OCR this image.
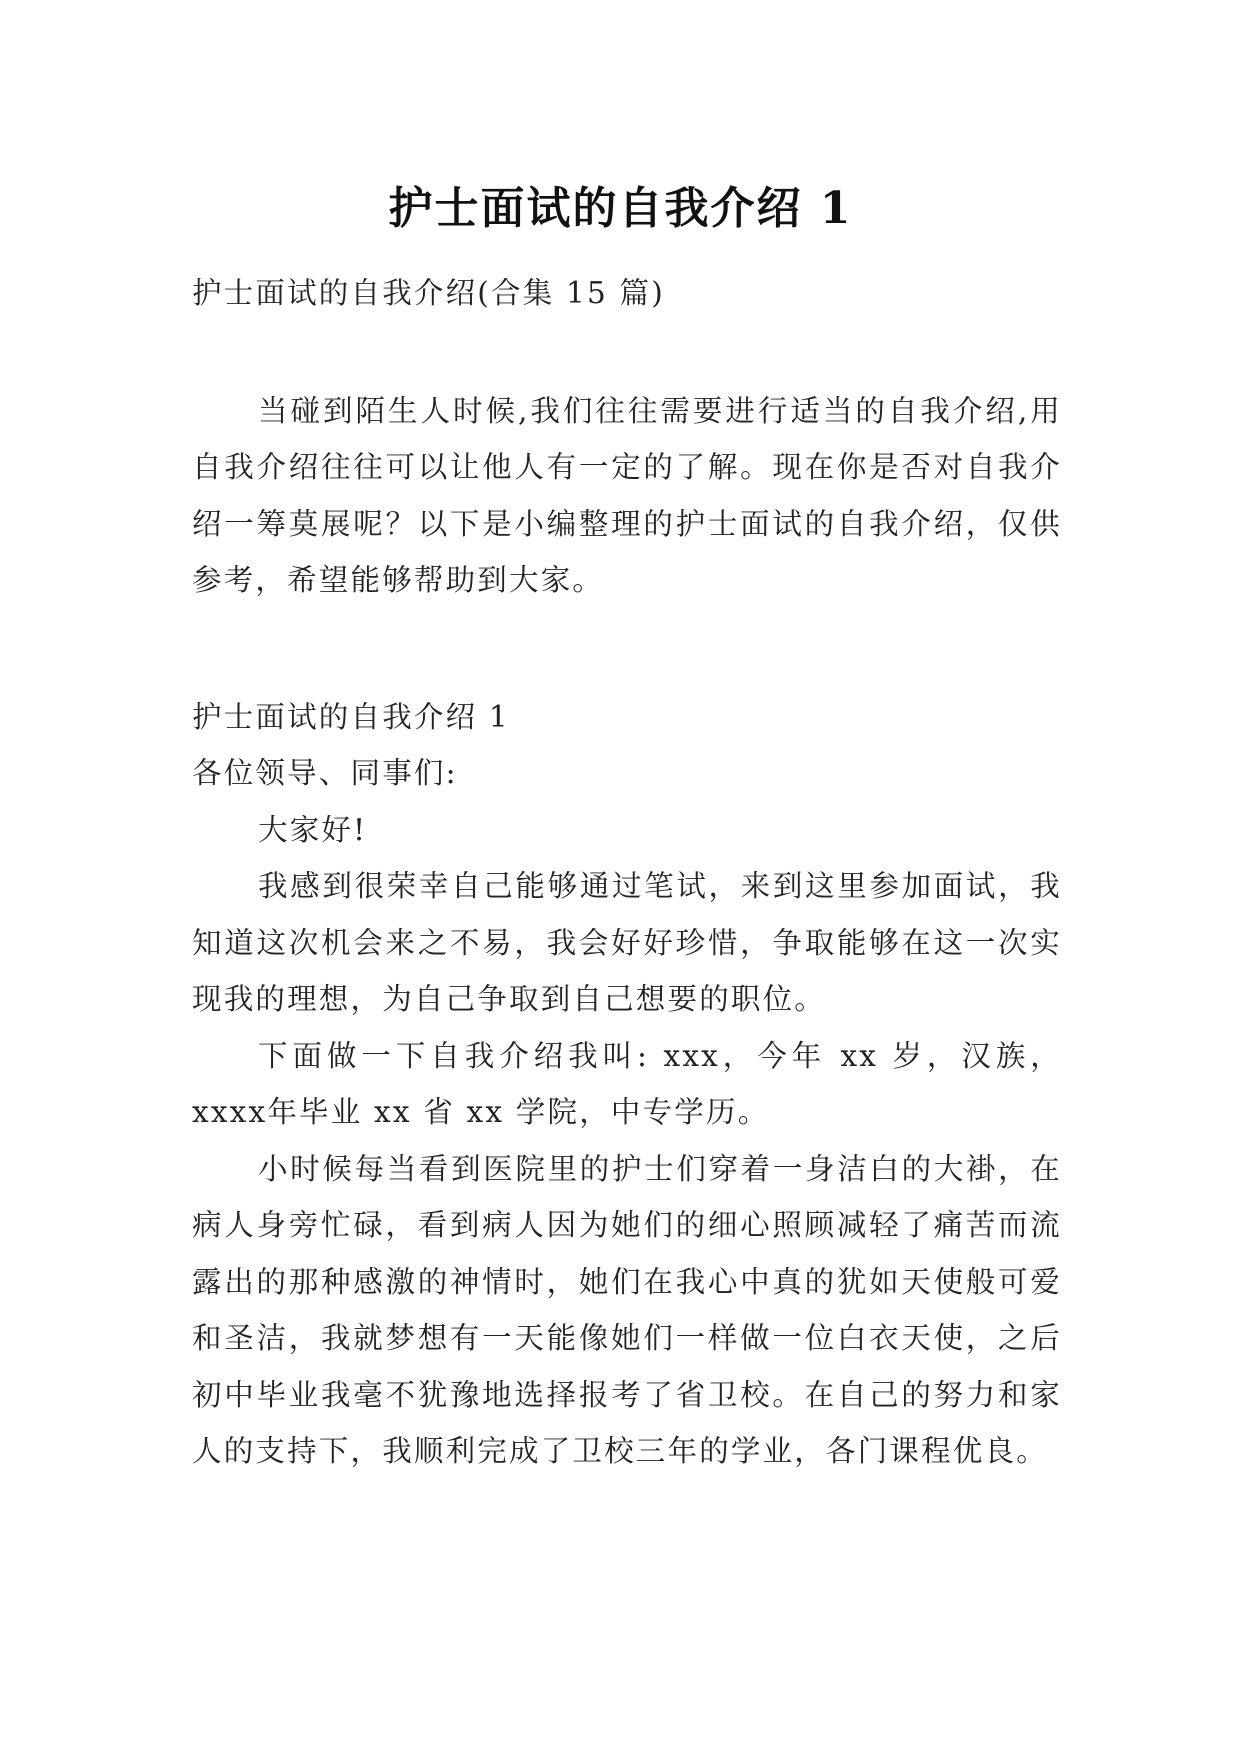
护士面试的自我介绍 1

护士面试的自我介绍(合集 15 篇)

当碰到陌生人时候,我们往往需要进行适当的自我介绍,用自我介绍往往可以让他人有一定的了解。现在你是否对自我介绍一筹莫展呢？以下是小编整理的护士面试的自我介绍，仅供参考，希望能够帮助到大家。

护士面试的自我介绍 1

各位领导、同事们:

大家好!

我感到很荣幸自己能够通过笔试，来到这里参加面试，我知道这次机会来之不易，我会好好珍惜，争取能够在这一次实现我的理想，为自己争取到自己想要的职位。

下面做一下自我介绍我叫: xxx，今年 xx 岁，汉族，xxxx年毕业 xx 省 xx 学院，中专学历。

小时候每当看到医院里的护士们穿着一身洁白的大褂，在病人身旁忙碌，看到病人因为她们的细心照顾减轻了痛苦而流露出的那种感激的神情时，她们在我心中真的犹如天使般可爱和圣洁，我就梦想有一天能像她们一样做一位白衣天使，之后初中毕业我毫不犹豫地选择报考了省卫校。在自己的努力和家人的支持下，我顺利完成了卫校三年的学业，各门课程优良。
